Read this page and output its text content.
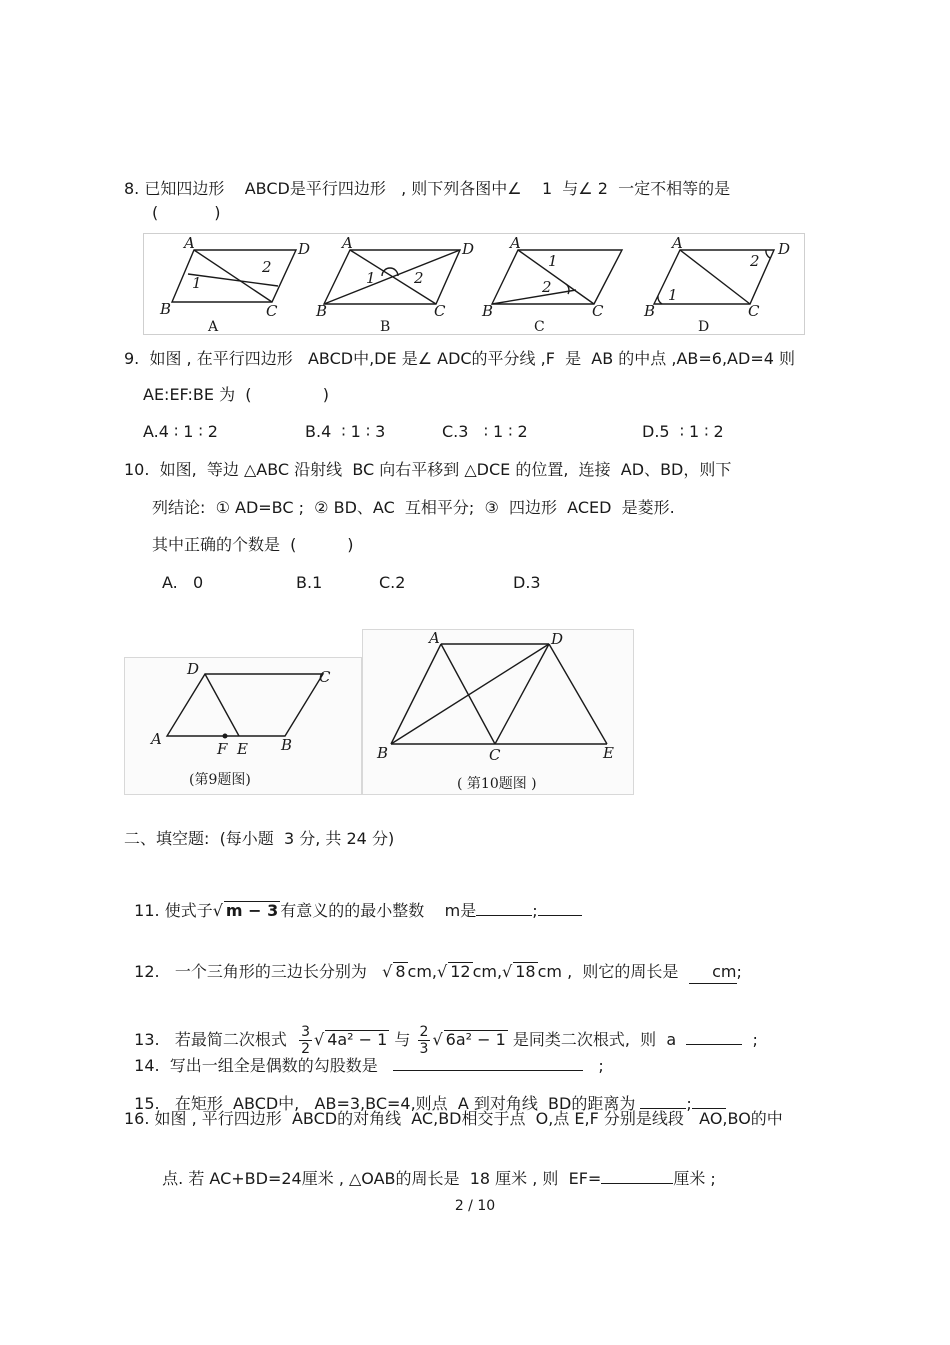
8. 已知四边形    ABCD是平行四边形   , 则下列各图中∠    1  与∠ 2  一定不相等的是
(           )
A	D
B	C
1
2
A
A	D
B	C
1	2
B
A
B	C
1
2
C
A	D
B	C
1
2
D
9.  如图 , 在平行四边形   ABCD中,DE 是∠ ADC的平分线 ,F  是  AB 的中点 ,AB=6,AD=4 则
AE:EF:BE 为  (              )
A.4 ∶ 1 ∶ 2	B.4  ∶ 1 ∶ 3	C.3   ∶ 1 ∶ 2	D.5  ∶ 1 ∶ 2
10.  如图,  等边 △ABC 沿射线  BC 向右平移到 △DCE 的位置,  连接  AD、BD，则下
列结论:  ① AD=BC ;  ② BD、AC  互相平分;  ③  四边形  ACED  是菱形.
其中正确的个数是  (          )
A.   0	B.1	C.2	D.3
D	C
A
F E B
(第9题图)
A	D
B	C	E
( 第10题图 )
二、填空题:  (每小题  3 分, 共 24 分)

11. 使式子√ m − 3 有意义的的最小整数    m是	;

12.   一个三角形的三边长分别为   √ 8 cm,√ 12 cm,√ 18 cm ,  则它的周长是  cm;

13.   若最简二次根式 $\frac{3}{2}$ √ 4a² − 1 与 $\frac{2}{3}$ √ 6a² − 1 是同类二次根式,  则  a	;

14.  写出一组全是偶数的勾股数是	;

15.   在矩形  ABCD中,   AB=3,BC=4,则点  A 到对角线  BD的距离为	;

16. 如图 , 平行四边形  ABCD的对角线  AC,BD相交于点  O,点 E,F 分别是线段   AO,BO的中

点. 若 AC+BD=24厘米 , △OAB的周长是  18 厘米 , 则  EF=	厘米 ;

2 / 10
